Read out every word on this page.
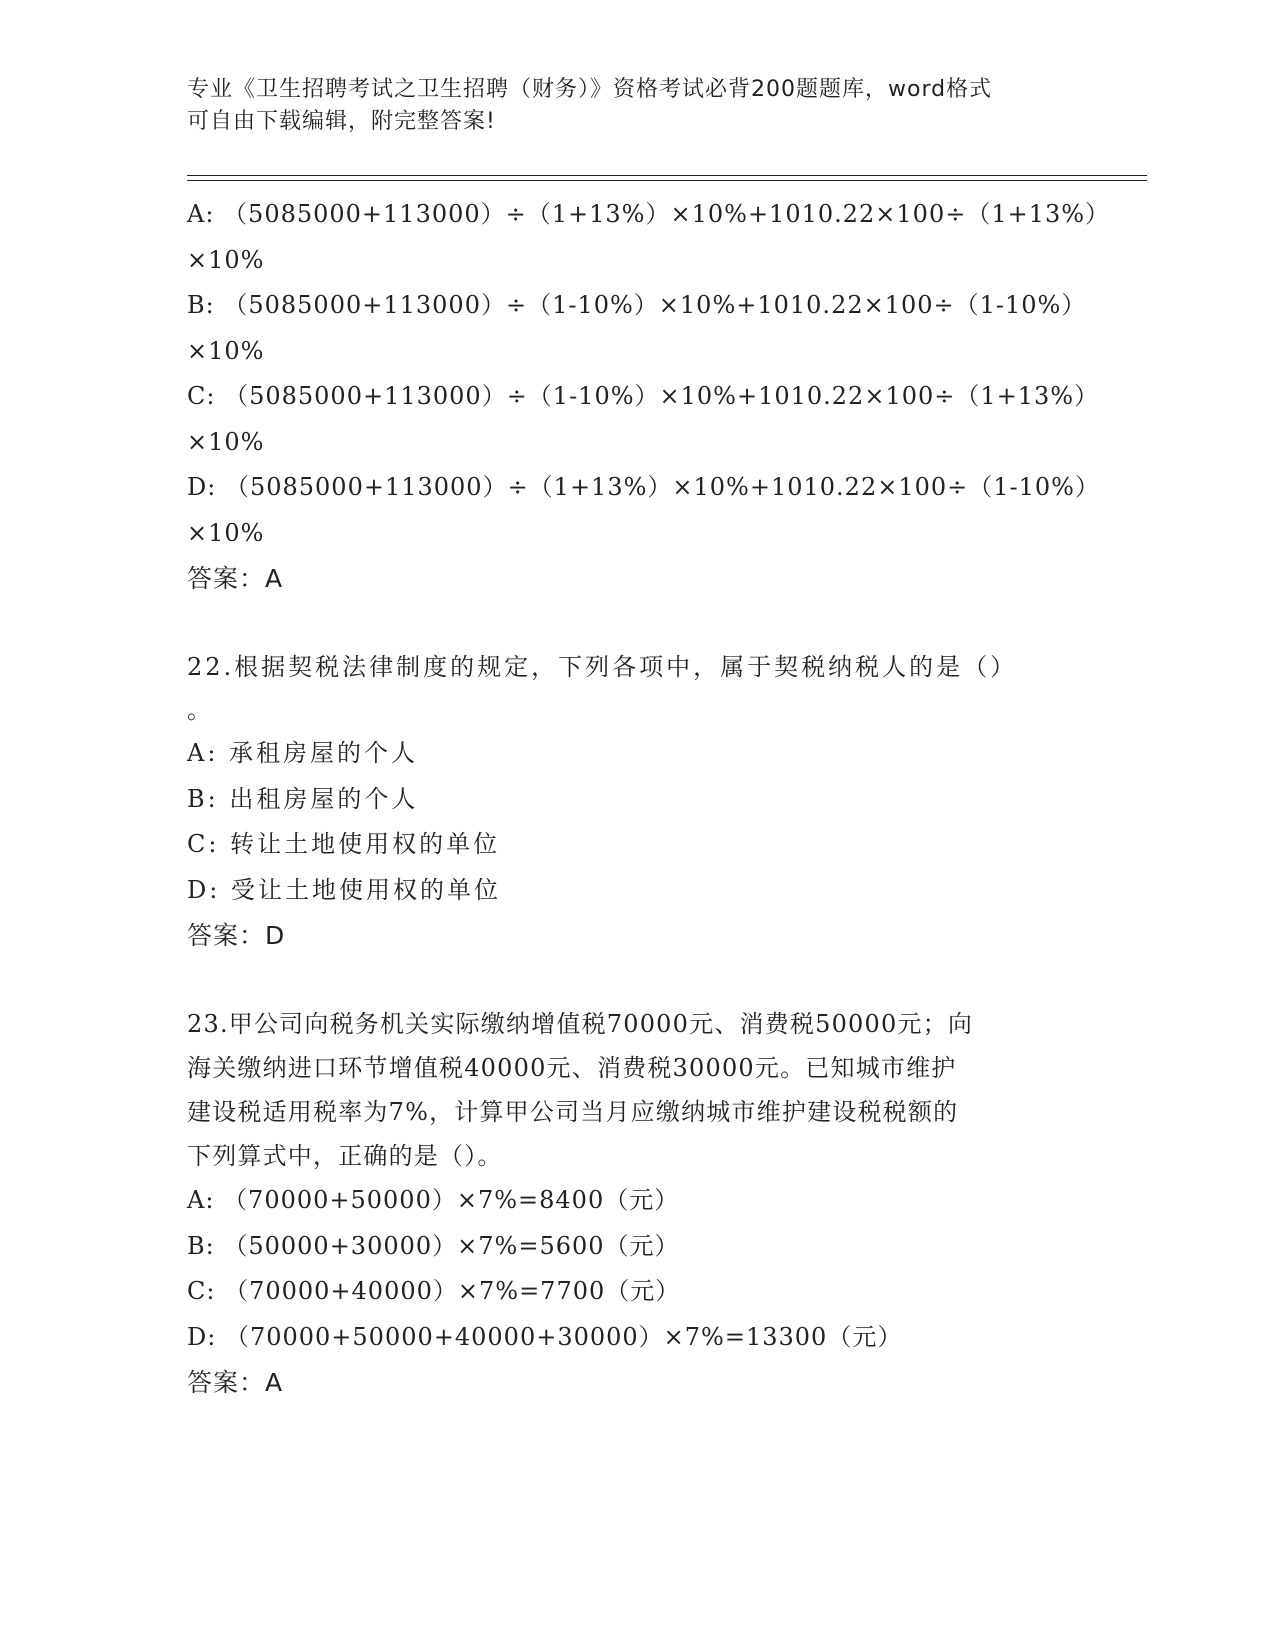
专业《卫生招聘考试之卫生招聘（财务）》资格考试必背200题题库，word格式
可自由下载编辑，附完整答案!
A: （5085000+113000）÷（1+13%）×10%+1010.22×100÷（1+13%）
×10%
B: （5085000+113000）÷（1-10%）×10%+1010.22×100÷（1-10%）
×10%
C: （5085000+113000）÷（1-10%）×10%+1010.22×100÷（1+13%）
×10%
D: （5085000+113000）÷（1+13%）×10%+1010.22×100÷（1-10%）
×10%
答案：A
22.根据契税法律制度的规定，下列各项中，属于契税纳税人的是（）
。
A: 承租房屋的个人
B: 出租房屋的个人
C: 转让土地使用权的单位
D: 受让土地使用权的单位
答案：D
23.甲公司向税务机关实际缴纳增值税70000元、消费税50000元；向
海关缴纳进口环节增值税40000元、消费税30000元。已知城市维护
建设税适用税率为7%，计算甲公司当月应缴纳城市维护建设税税额的
下列算式中，正确的是（）。
A: （70000+50000）×7%=8400（元）
B: （50000+30000）×7%=5600（元）
C: （70000+40000）×7%=7700（元）
D: （70000+50000+40000+30000）×7%=13300（元）
答案：A
